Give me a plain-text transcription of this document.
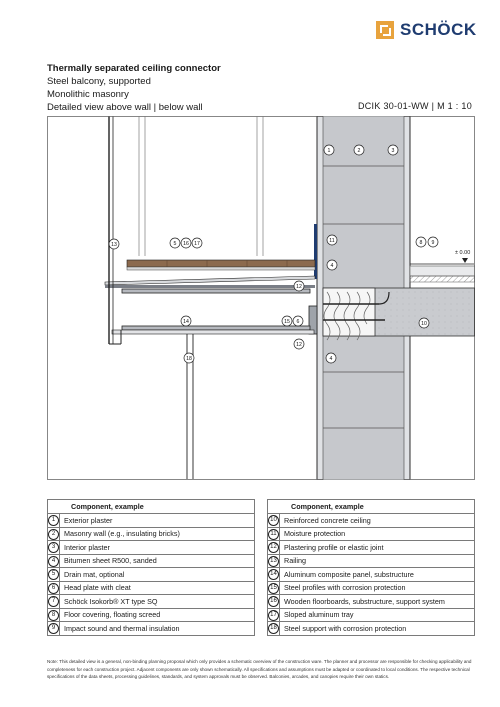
SCHÖCK
Thermally separated ceiling connector
Steel balcony, supported
Monolithic masonry
Detailed view above wall | below wall	DCIK 30-01-WW | M 1 : 10
± 0.00
1	2	3
11
4
8 9
13	5 16 17
12
14	15 6	10
12
4
18
Component, example	
1	Exterior plaster
2	Masonry wall (e.g., insulating bricks)
3	Interior plaster
4	Bitumen sheet R500, sanded
5	Drain mat, optional
6	Head plate with cleat
7	Schöck Isokorb® XT type SQ
8	Floor covering, floating screed
9	Impact sound and thermal insulation
Component, example	
10	Reinforced concrete ceiling
11	Moisture protection
12	Plastering profile or elastic joint
13	Railing
14	Aluminum composite panel, substructure
15	Steel profiles with corrosion protection
16	Wooden floorboards, substructure, support system
17	Sloped aluminum tray
18	Steel support with corrosion protection
Note: This detailed view is a general, non-binding planning proposal which only provides a schematic overview of the construction ware. The planner and processor are responsible for checking applicability and completeness for each construction project. Adjacent components are only shown schematically. All specifications and assumptions must be adapted or coordinated to local conditions. The respective technical specifications of the data sheets, processing guidelines, standards, and system approvals must be observed. Balconies, arcades, and canopies require their own statics.
